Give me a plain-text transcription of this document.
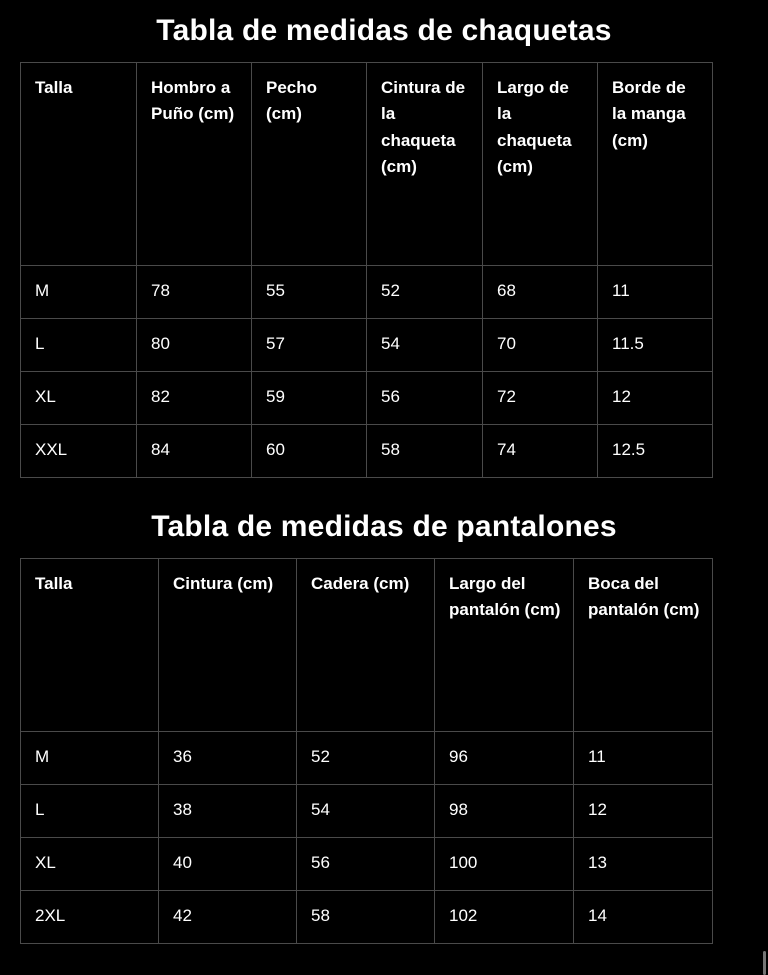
Tabla de medidas de chaquetas
Talla	Hombro a Puño (cm)	Pecho (cm)	Cintura de la chaqueta (cm)	Largo de la chaqueta (cm)	Borde de la manga (cm)
M	78	55	52	68	11
L	80	57	54	70	11.5
XL	82	59	56	72	12
XXL	84	60	58	74	12.5
Tabla de medidas de pantalones
Talla	Cintura (cm)	Cadera (cm)	Largo del pantalón (cm)	Boca del pantalón (cm)
M	36	52	96	11
L	38	54	98	12
XL	40	56	100	13
2XL	42	58	102	14
